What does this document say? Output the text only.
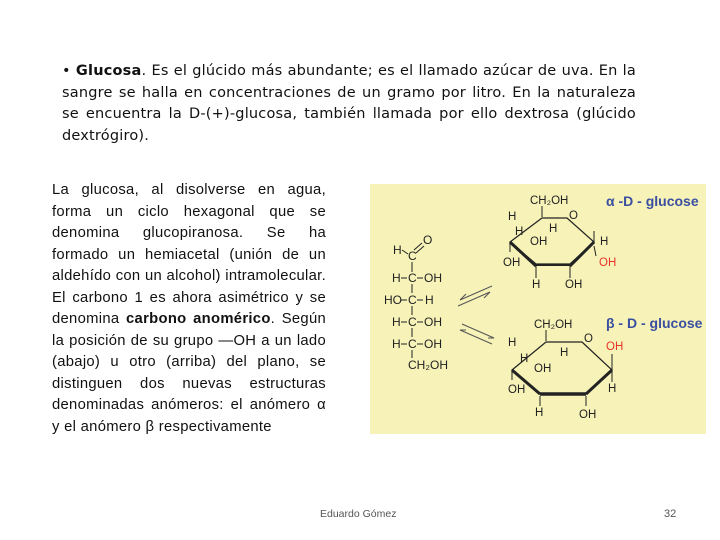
• Glucosa. Es el glúcido más abundante; es el llamado azúcar de uva. En la sangre se halla en concentraciones de un gramo por litro. En la naturaleza se encuentra la D-(+)-glucosa, también llamada por ello dextrosa (glúcido dextrógiro).
La glucosa, al disolverse en agua, forma un ciclo hexagonal que se denomina glucopiranosa. Se ha formado un hemiacetal (unión de un aldehído con un alcohol) intramolecular. El carbono 1 es ahora asimétrico y se denomina carbono anomérico. Según la posición de su grupo —OH a un lado (abajo) u otro (arriba) del plano, se distinguen dos nuevas estructuras denominadas anómeros: el anómero α y el anómero β respectivamente
H C
O
H C OH
HO C H
H C OH
H C OH
CH₂OH
CH₂OH
H	O
H
OH
OH
H
OH
H OH
H
CH₂OH
H	O
OH
H
OH
OH
H
H
H	OH
α -D - glucose
β - D - glucose
Eduardo Gómez	32
